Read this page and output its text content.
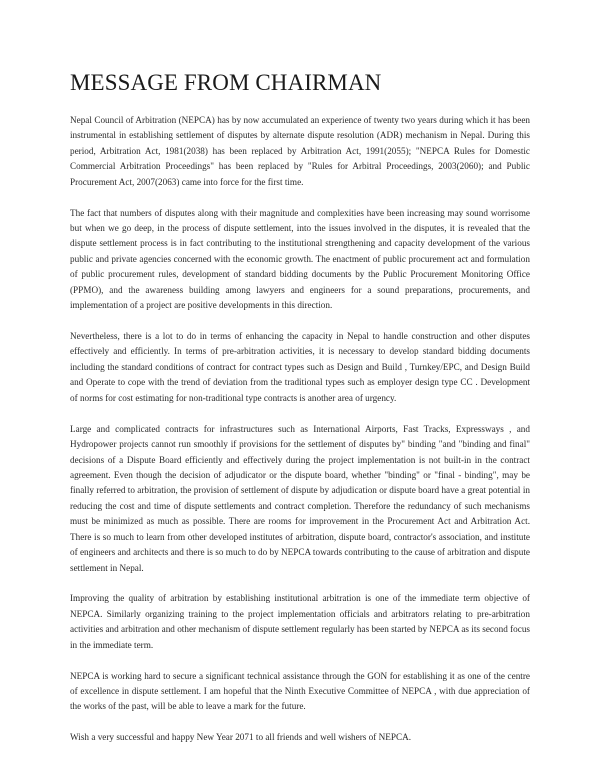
MESSAGE FROM CHAIRMAN

Nepal Council of Arbitration (NEPCA) has by now accumulated an experience of twenty two years during which it has been instrumental in establishing settlement of disputes by alternate dispute resolution (ADR) mechanism in Nepal. During this period, Arbitration Act, 1981(2038) has been replaced by Arbitration Act, 1991(2055); "NEPCA Rules for Domestic Commercial Arbitration Proceedings" has been replaced by "Rules for Arbitral Proceedings, 2003(2060); and Public Procurement Act, 2007(2063) came into force for the first time.

The fact that numbers of disputes along with their magnitude and complexities have been increasing may sound worrisome but when we go deep, in the process of dispute settlement, into the issues involved in the disputes, it is revealed that the dispute settlement process is in fact contributing to the institutional strengthening and capacity development of the various public and private agencies concerned with the economic growth. The enactment of public procurement act and formulation of public procurement rules, development of standard bidding documents by the Public Procurement Monitoring Office (PPMO), and the awareness building among lawyers and engineers for a sound preparations, procurements, and implementation of a project are positive developments in this direction.

Nevertheless, there is a lot to do in terms of enhancing the capacity in Nepal to handle construction and other disputes effectively and efficiently. In terms of pre-arbitration activities, it is necessary to develop standard bidding documents including the standard conditions of contract for contract types such as Design and Build , Turnkey/EPC, and Design Build and Operate to cope with the trend of deviation from the traditional types such as employer design type CC . Development of norms for cost estimating for non-traditional type contracts is another area of urgency.

Large and complicated contracts for infrastructures such as International Airports, Fast Tracks, Expressways , and Hydropower projects cannot run smoothly if provisions for the settlement of disputes by" binding "and "binding and final" decisions of a Dispute Board efficiently and effectively during the project implementation is not built-in in the contract agreement. Even though the decision of adjudicator or the dispute board, whether "binding" or "final - binding", may be finally referred to arbitration, the provision of settlement of dispute by adjudication or dispute board have a great potential in reducing the cost and time of dispute settlements and contract completion. Therefore the redundancy of such mechanisms must be minimized as much as possible. There are rooms for improvement in the Procurement Act and Arbitration Act. There is so much to learn from other developed institutes of arbitration, dispute board, contractor's association, and institute of engineers and architects and there is so much to do by NEPCA towards contributing to the cause of arbitration and dispute settlement in Nepal.

Improving the quality of arbitration by establishing institutional arbitration is one of the immediate term objective of NEPCA. Similarly organizing training to the project implementation officials and arbitrators relating to pre-arbitration activities and arbitration and other mechanism of dispute settlement regularly has been started by NEPCA as its second focus in the immediate term.

NEPCA is working hard to secure a significant technical assistance through the GON for establishing it as one of the centre of excellence in dispute settlement. I am hopeful that the Ninth Executive Committee of NEPCA , with due appreciation of the works of the past, will be able to leave a mark for the future.

Wish a very successful and happy New Year 2071 to all friends and well wishers of NEPCA.
